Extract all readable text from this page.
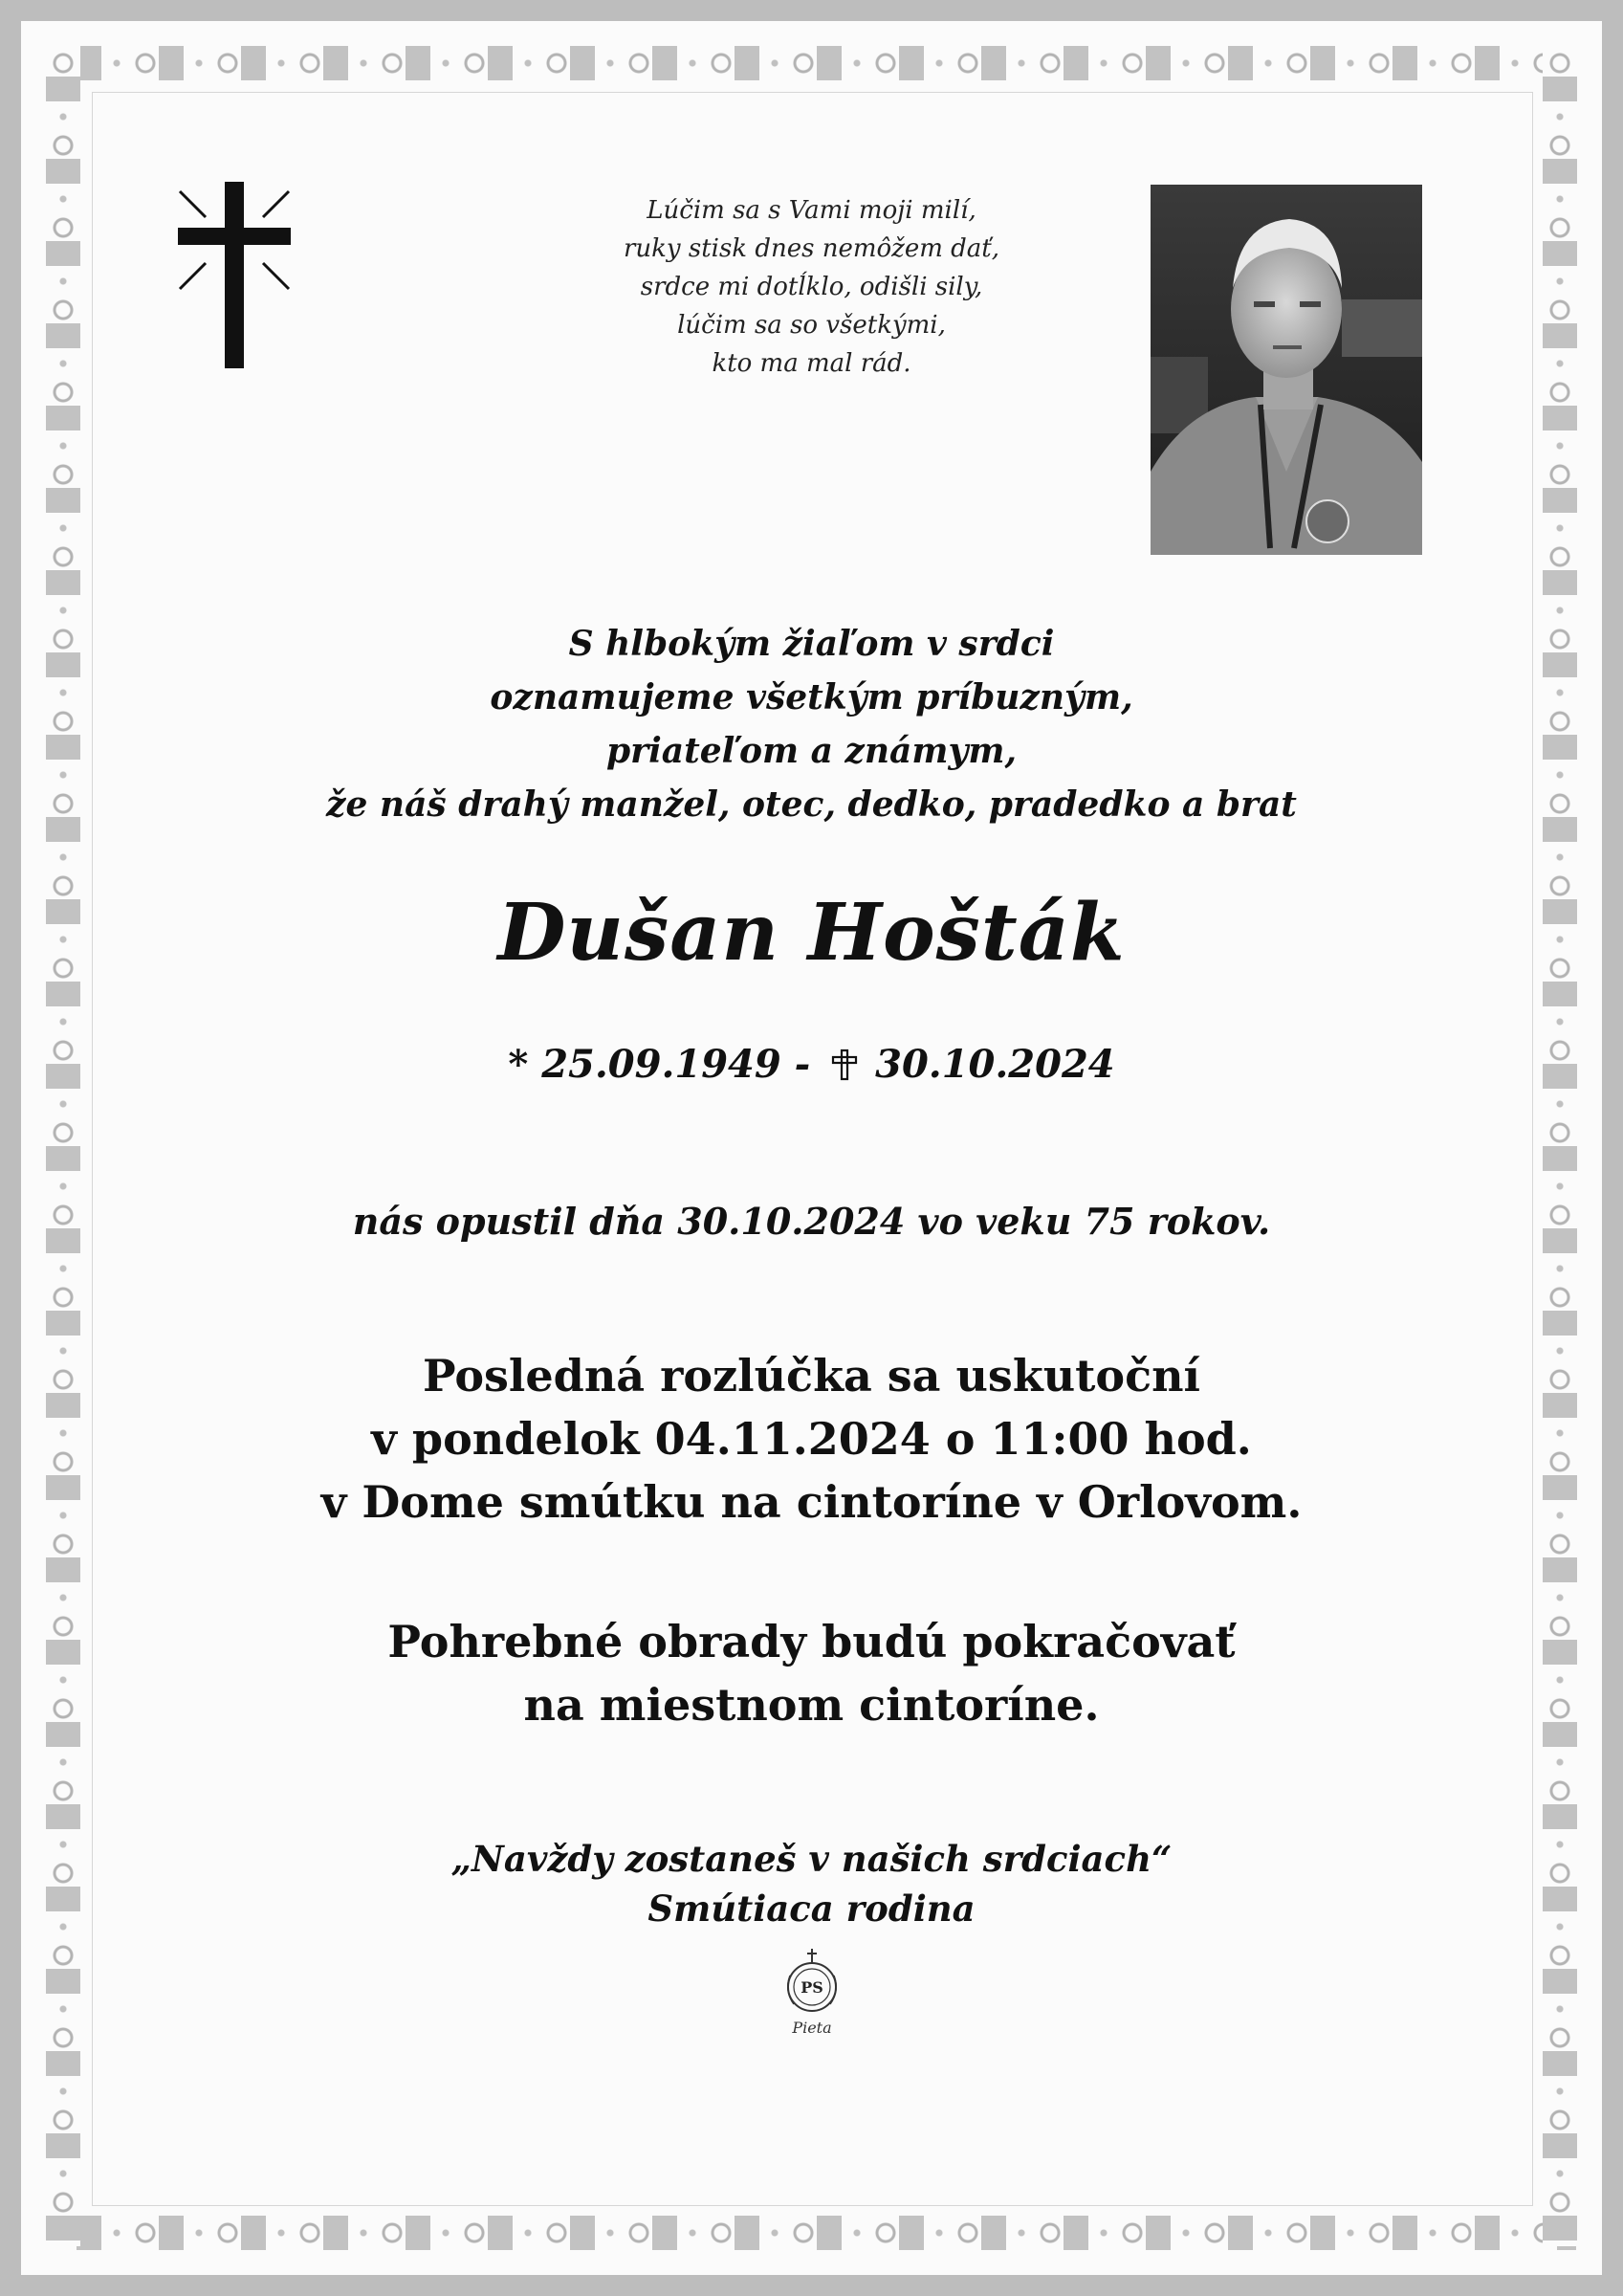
Lúčim sa s Vami moji milí,
ruky stisk dnes nemôžem dať,
srdce mi dotĺklo, odišli sily,
lúčim sa so všetkými,
kto ma mal rád.
S hlbokým žiaľom v srdci
oznamujeme všetkým príbuzným,
priateľom a známym,
že náš drahý manžel, otec, dedko, pradedko a brat
Dušan Hošták
* 25.09.1949 - 30.10.2024
nás opustil dňa 30.10.2024 vo veku 75 rokov.
Posledná rozlúčka sa uskutoční
v pondelok 04.11.2024 o 11:00 hod.
v Dome smútku na cintoríne v Orlovom.
Pohrebné obrady budú pokračovať
na miestnom cintoríne.
„Navždy zostaneš v našich srdciach“
Smútiaca rodina
PS
Pieta
